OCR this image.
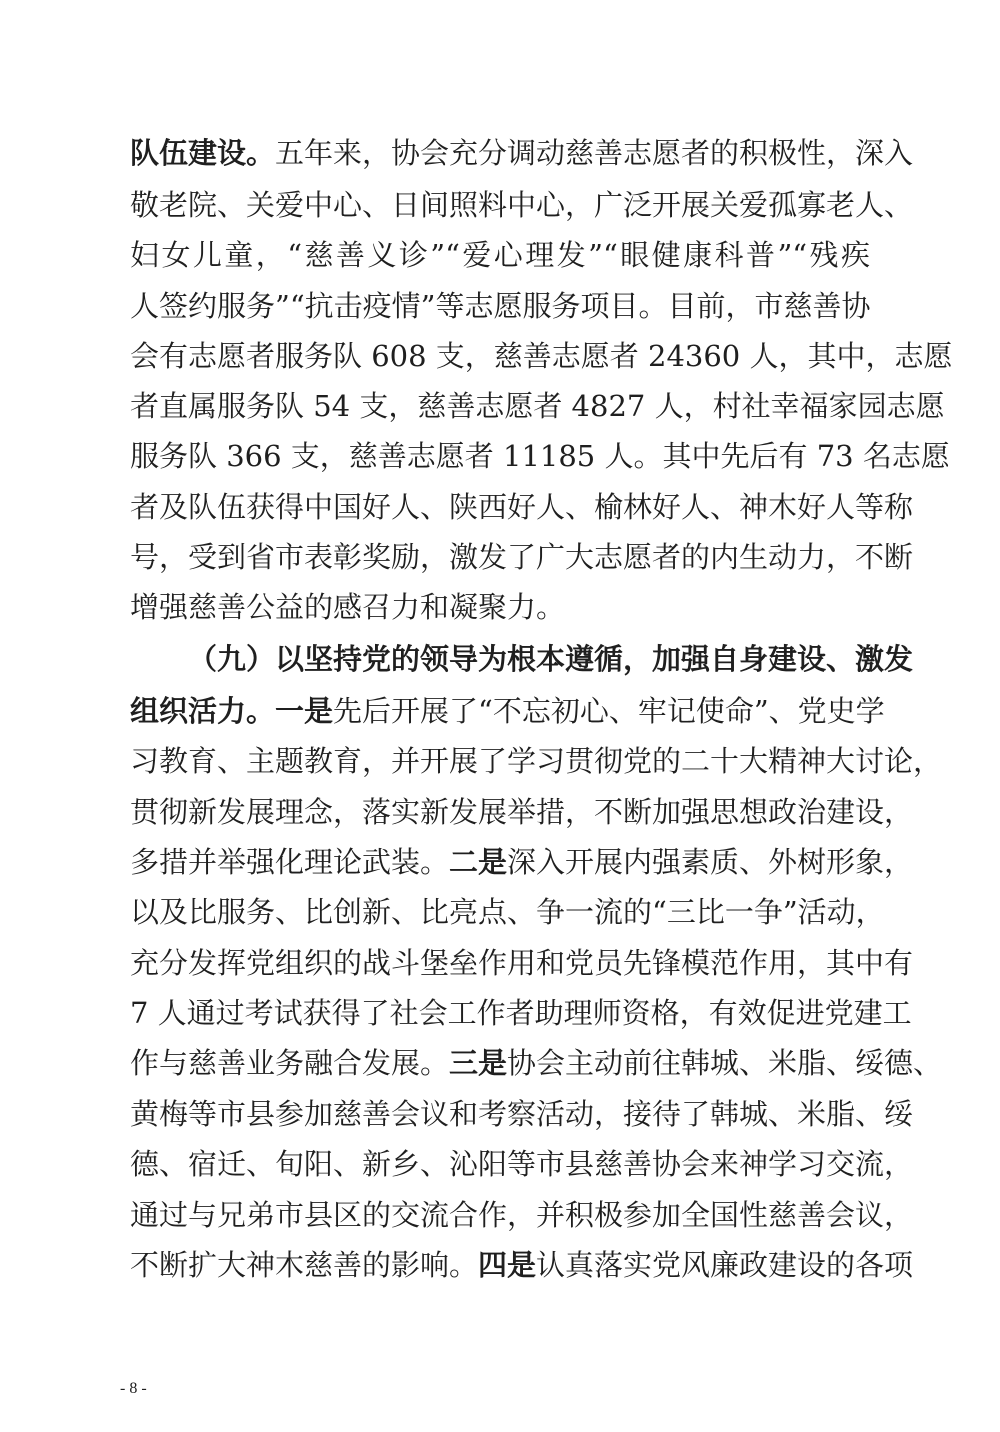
队伍建设。五年来，协会充分调动慈善志愿者的积极性，深入
敬老院、关爱中心、日间照料中心，广泛开展关爱孤寡老人、
妇女儿童，“慈善义诊”“爱心理发”“眼健康科普”“残疾
人签约服务”“抗击疫情”等志愿服务项目。目前，市慈善协
会有志愿者服务队 608 支，慈善志愿者 24360 人，其中，志愿
者直属服务队 54 支，慈善志愿者 4827 人，村社幸福家园志愿
服务队 366 支，慈善志愿者 11185 人。其中先后有 73 名志愿
者及队伍获得中国好人、陕西好人、榆林好人、神木好人等称
号，受到省市表彰奖励，激发了广大志愿者的内生动力，不断
增强慈善公益的感召力和凝聚力。
（九）以坚持党的领导为根本遵循，加强自身建设、激发
组织活力。一是先后开展了“不忘初心、牢记使命”、党史学
习教育、主题教育，并开展了学习贯彻党的二十大精神大讨论，
贯彻新发展理念，落实新发展举措，不断加强思想政治建设，
多措并举强化理论武装。二是深入开展内强素质、外树形象，
以及比服务、比创新、比亮点、争一流的“三比一争”活动，
充分发挥党组织的战斗堡垒作用和党员先锋模范作用，其中有
7 人通过考试获得了社会工作者助理师资格，有效促进党建工
作与慈善业务融合发展。三是协会主动前往韩城、米脂、绥德、
黄梅等市县参加慈善会议和考察活动，接待了韩城、米脂、绥
德、宿迁、旬阳、新乡、沁阳等市县慈善协会来神学习交流，
通过与兄弟市县区的交流合作，并积极参加全国性慈善会议，
不断扩大神木慈善的影响。四是认真落实党风廉政建设的各项
- 8 -
